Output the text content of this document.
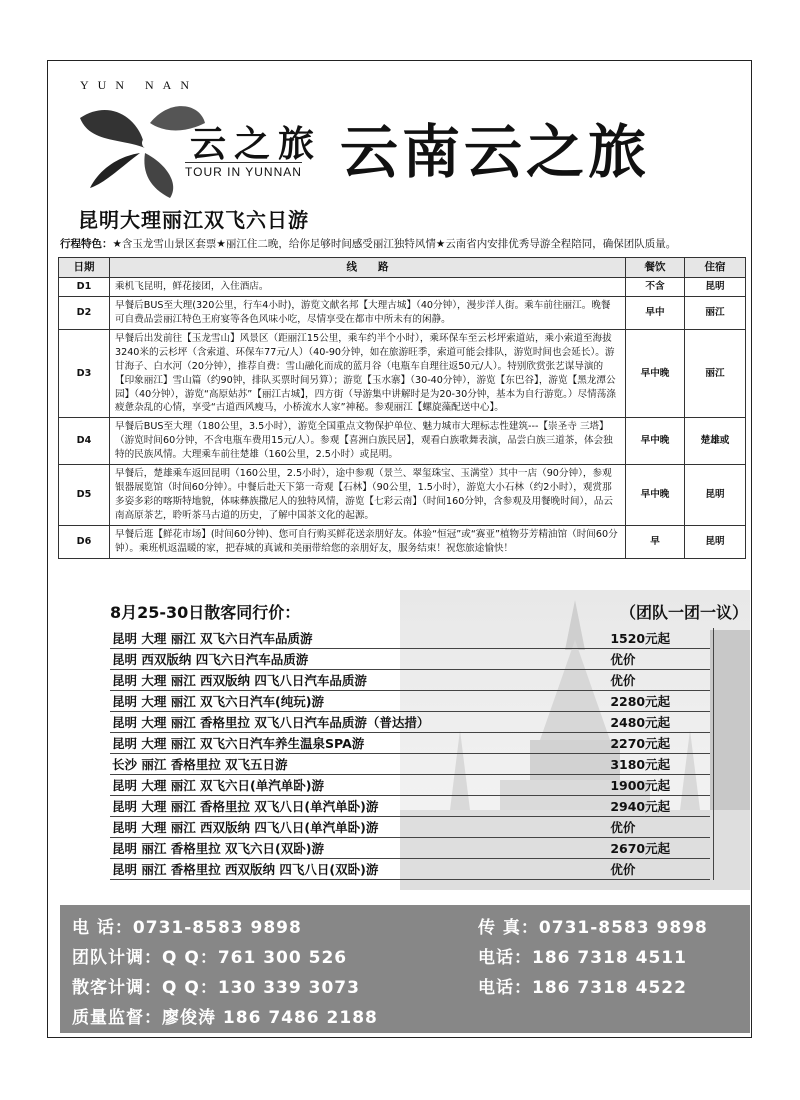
YUN NAN
云之旅
TOUR IN YUNNAN 云南云之旅
昆明大理丽江双飞六日游
行程特色：★含玉龙雪山景区套票★丽江住二晚，给你足够时间感受丽江独特风情★云南省内安排优秀导游全程陪同，确保团队质量。
日期	线　　路	餐饮	住宿
D1	乘机飞昆明，鲜花接团，入住酒店。	不含	昆明
D2	早餐后BUS至大理(320公里，行车4小时)，游览文献名邦【大理古城】（40分钟），漫步洋人街。乘车前往丽江。晚餐可自费品尝丽江特色王府宴等各色风味小吃，尽情享受在都市中所未有的闲静。	早中	丽江
D3	早餐后出发前往【玉龙雪山】风景区（距丽江15公里，乘车约半个小时），乘环保车至云杉坪索道站，乘小索道至海拔3240米的云杉坪（含索道、环保车77元/人）（40-90分钟，如在旅游旺季，索道可能会排队，游览时间也会延长）。游甘海子、白水河（20分钟），推荐自费：雪山融化而成的蓝月谷（电瓶车自理往返50元/人）。特别欣赏张艺谋导演的【印象丽江】雪山篇（约90钟，排队买票时间另算）；游览【玉水寨】（30-40分钟），游览【东巴谷】，游览【黑龙潭公园】（40分钟），游览“高原姑苏”【丽江古城】，四方街（导游集中讲解时是为20-30分钟，基本为自行游览。）尽情荡涤疲惫杂乱的心情，享受“古道西风瘦马，小桥流水人家”神秘。参观丽江【螺旋藻配送中心】。	早中晚	丽江
D4	早餐后BUS至大理（180公里，3.5小时），游览全国重点文物保护单位、魅力城市大理标志性建筑---【崇圣寺 三塔】（游览时间60分钟，不含电瓶车费用15元/人）。参观【喜洲白族民居】，观看白族歌舞表演，品尝白族三道茶，体会独特的民族风情。大理乘车前往楚雄（160公里，2.5小时）或昆明。	早中晚	楚雄或
D5	早餐后，楚雄乘车返回昆明（160公里，2.5小时），途中参观（景兰、翠玺珠宝、玉满堂）其中一店（90分钟），参观银器展览馆（时间60分钟）。中餐后赴天下第一奇观【石林】（90公里，1.5小时），游览大小石林（约2小时），观赏那多姿多彩的喀斯特地貌，体味彝族撒尼人的独特风情，游览【七彩云南】（时间160分钟，含参观及用餐晚时间），品云南高原茶艺，聆听茶马古道的历史，了解中国茶文化的起源。	早中晚	昆明
D6	早餐后逛【鲜花市场】(时间60分钟)、您可自行购买鲜花送亲朋好友。体验“恒冠”或“赛亚”植物芬芳精油馆（时间60分钟）。乘班机返温暖的家，把春城的真诚和美丽带给您的亲朋好友，服务结束！祝您旅途愉快！	早	昆明
8月25-30日散客同行价：	（团队一团一议）
昆明 大理 丽江 双飞六日汽车品质游	1520元起
昆明 西双版纳 四飞六日汽车品质游	优价
昆明 大理 丽江 西双版纳 四飞八日汽车品质游	优价
昆明 大理 丽江 双飞六日汽车(纯玩)游	2280元起
昆明 大理 丽江 香格里拉 双飞八日汽车品质游（普达措）	2480元起
昆明 大理 丽江 双飞六日汽车养生温泉SPA游	2270元起
长沙 丽江 香格里拉 双飞五日游	3180元起
昆明 大理 丽江 双飞六日(单汽单卧)游	1900元起
昆明 大理 丽江 香格里拉 双飞八日(单汽单卧)游	2940元起
昆明 大理 丽江 西双版纳 四飞八日(单汽单卧)游	优价
昆明 丽江 香格里拉 双飞六日(双卧)游	2670元起
昆明 丽江 香格里拉 西双版纳 四飞八日(双卧)游	优价
电 话：0731-8583 9898	传 真：0731-8583 9898
团队计调：Q Q：761 300 526	电话：186 7318 4511
散客计调：Q Q：130 339 3073	电话：186 7318 4522
质量监督：廖俊涛 186 7486 2188
